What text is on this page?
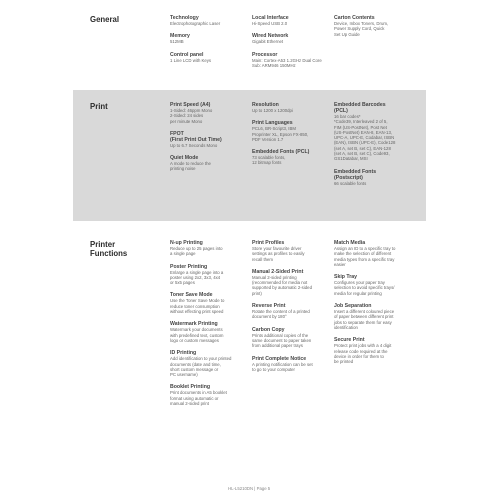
General	Technology
Electrophotographic Laser
Memory
512MB
Control panel
1 Line LCD with Keys
Local Interface
Hi-Speed USB 2.0
Wired Network
Gigabit Ethernet
Processor
Main: Cortex-A53 1.2GHz Dual Core
Sub: ARM946 150MHz
Carton Contents
Device, Inbox Toners, Drum,
Power Supply Cord, Quick
Set Up Guide
Print	Print Speed (A4)
1-Sided: 46ppm Mono
2-Sided: 24 sides
per minute Mono
FPOT
(First Print Out Time)
Up to 6.7 Seconds Mono
Quiet Mode
A mode to reduce the
printing noise
Resolution
Up to 1200 x 1200dpi
Print Languages
PCL6, BR-Script3, IBM
Proprinter XL, Epson FX-850,
PDF Version 1.7
Embedded Fonts (PCL)
73 scalable fonts,
12 bitmap fonts
Embedded Barcodes
(PCL)
16 bar codes*
*Code39, Interleaved 2 of 5,
FIM (US-PostNet), Post Net
(US-PostNet) EAN-8, EAN-13,
UPC-A, UPC-E, Codabar, ISBN
(EAN), ISBN (UPC-E), Code128
(set A, set B, set C), EAN-128
(set A, set B, set C), Code93,
GS1Databar, MSI
Embedded Fonts
(Postscript)
66 scalable fonts
Printer
Functions
N-up Printing
Reduce up to 25 pages into
a single page
Poster Printing
Enlarge a single page into a
poster using 2x2, 3x3, 4x4
or 5x5 pages
Toner Save Mode
Use the Toner Save Mode to
reduce toner consumption
without effecting print speed
Watermark Printing
Watermark your documents
with predefined text, custom
logo or custom messages
ID Printing
Add identification to your printed
documents (date and time,
short custom message or
PC username)
Booklet Printing
Print documents in A5 booklet
format using automatic or
manual 2-sided print
Print Profiles
Store your favourite driver
settings as profiles to easily
recall them
Manual 2-Sided Print
Manual 2-sided printing
(recommended for media not
supported by automatic 2-sided
print)
Reverse Print
Rotate the content of a printed
document by 180°
Carbon Copy
Prints additional copies of the
same document to paper taken
from additional paper trays
Print Complete Notice
A printing notification can be set
to go to your computer
Match Media
Assign an ID to a specific tray to
make the selection of different
media types from a specific tray
easier
Skip Tray
Configures your paper tray
selection to avoid specific trays/
media for regular printing
Job Separation
Insert a different coloured piece
of paper between different print
jobs to separate them for easy
identification
Secure Print
Protect print jobs with a 4 digit
release code required at the
device in order for them to
be printed
HL-L5210DN | Page 5
